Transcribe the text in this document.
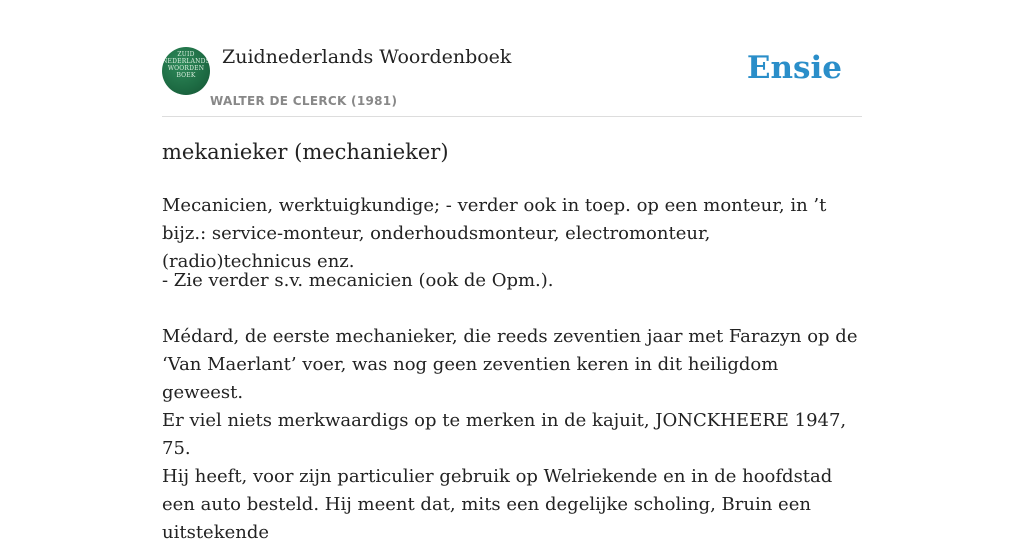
ZUID
NEDERLANDS
WOORDEN
BOEK
Zuidnederlands Woordenboek
WALTER DE CLERCK (1981)
Ensie
mekanieker (mechanieker)

Mecanicien, werktuigkundige; - verder ook in toep. op een monteur, in ’t bijz.: service-monteur, onderhoudsmonteur, electromonteur, (radio)technicus enz.

- Zie verder s.v. mecanicien (ook de Opm.).

Médard, de eerste mechanieker, die reeds zeventien jaar met Farazyn op de ‘Van Maerlant’ voer, was nog geen zeventien keren in dit heiligdom geweest.

Er viel niets merkwaardigs op te merken in de kajuit, JONCKHEERE 1947, 75.

Hij heeft, voor zijn particulier gebruik op Welriekende en in de hoofdstad een auto besteld. Hij meent dat, mits een degelijke scholing, Bruin een uitstekende
